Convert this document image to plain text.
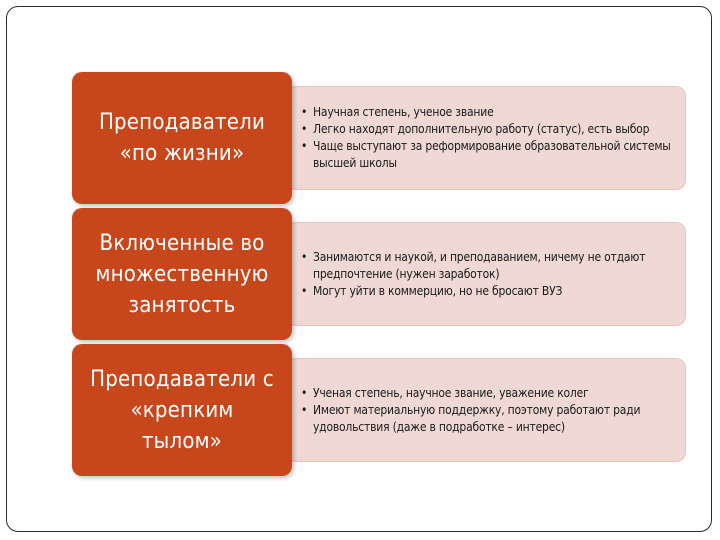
Преподаватели
«по жизни»
• Научная степень, ученое звание
• Легко находят дополнительную работу (статус), есть выбор
• Чаще выступают за реформирование образовательной системы высшей школы
Включенные во
множественную
занятость
• Занимаются и наукой, и преподаванием, ничему не отдают предпочтение (нужен заработок)
• Могут уйти в коммерцию, но не бросают ВУЗ
Преподаватели с
«крепким
тылом»
• Ученая степень, научное звание, уважение колег
• Имеют материальную поддержку, поэтому работают ради удовольствия (даже в подработке – интерес)
